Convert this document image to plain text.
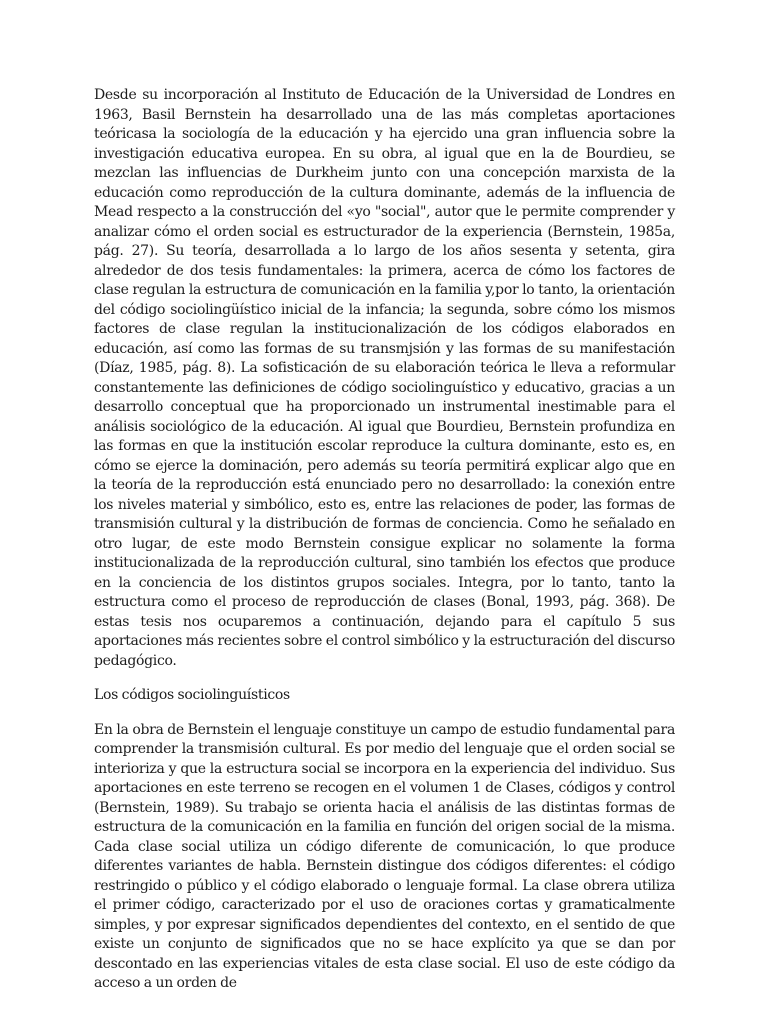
Desde su incorporación al Instituto de Educación de la Universidad de Londres en 1963, Basil Bernstein ha desarrollado una de las más completas aportaciones teóricasa la sociología de la educación y ha ejercido una gran influencia sobre la investigación educativa europea. En su obra, al igual que en la de Bourdieu, se mezclan las influencias de Durkheim junto con una concepción marxista de la educación como reproducción de la cultura dominante, además de la influencia de Mead respecto a la construcción del «yo "social", autor que le permite comprender y analizar cómo el orden social es estructurador de la experiencia (Bernstein, 1985a, pág. 27). Su teoría, desarrollada a lo largo de los años sesenta y setenta, gira alrededor de dos tesis fundamentales: la primera, acerca de cómo los factores de clase regulan la estructura de comunicación en la familia y,por lo tanto, la orientación del código sociolingüístico inicial de la infancia; la segunda, sobre cómo los mismos factores de clase regulan la institucionalización de los códigos elaborados en educación, así como las formas de su transmjsión y las formas de su manifestación (Díaz, 1985, pág. 8). La sofisticación de su elaboración teórica le lleva a reformular constantemente las definiciones de código sociolinguístico y educativo, gracias a un desarrollo conceptual que ha proporcionado un instrumental inestimable para el análisis sociológico de la educación. Al igual que Bourdieu, Bernstein profundiza en las formas en que la institución escolar reproduce la cultura dominante, esto es, en cómo se ejerce la dominación, pero además su teoría permitirá explicar algo que en la teoría de la reproducción está enunciado pero no desarrollado: la conexión entre los niveles material y simbólico, esto es, entre las relaciones de poder, las formas de transmisión cultural y la distribución de formas de conciencia. Como he señalado en otro lugar, de este modo Bernstein consigue explicar no solamente la forma institucionalizada de la reproducción cultural, sino también los efectos que produce en la conciencia de los distintos grupos sociales. Integra, por lo tanto, tanto la estructura como el proceso de reproducción de clases (Bonal, 1993, pág. 368). De estas tesis nos ocuparemos a continuación, dejando para el capítulo 5 sus aportaciones más recientes sobre el control simbólico y la estructuración del discurso pedagógico.

Los códigos sociolinguísticos

En la obra de Bernstein el lenguaje constituye un campo de estudio fundamental para comprender la transmisión cultural. Es por medio del lenguaje que el orden social se interioriza y que la estructura social se incorpora en la experiencia del individuo. Sus aportaciones en este terreno se recogen en el volumen 1 de Clases, códigos y control (Bernstein, 1989). Su trabajo se orienta hacia el análisis de las distintas formas de estructura de la comunicación en la familia en función del origen social de la misma. Cada clase social utiliza un código diferente de comunicación, lo que produce diferentes variantes de habla. Bernstein distingue dos códigos diferentes: el código restringido o público y el código elaborado o lenguaje formal. La clase obrera utiliza el primer código, caracterizado por el uso de oraciones cortas y gramaticalmente simples, y por expresar significados dependientes del contexto, en el sentido de que existe un conjunto de significados que no se hace explícito ya que se dan por descontado en las experiencias vitales de esta clase social. El uso de este código da acceso a un orden de
